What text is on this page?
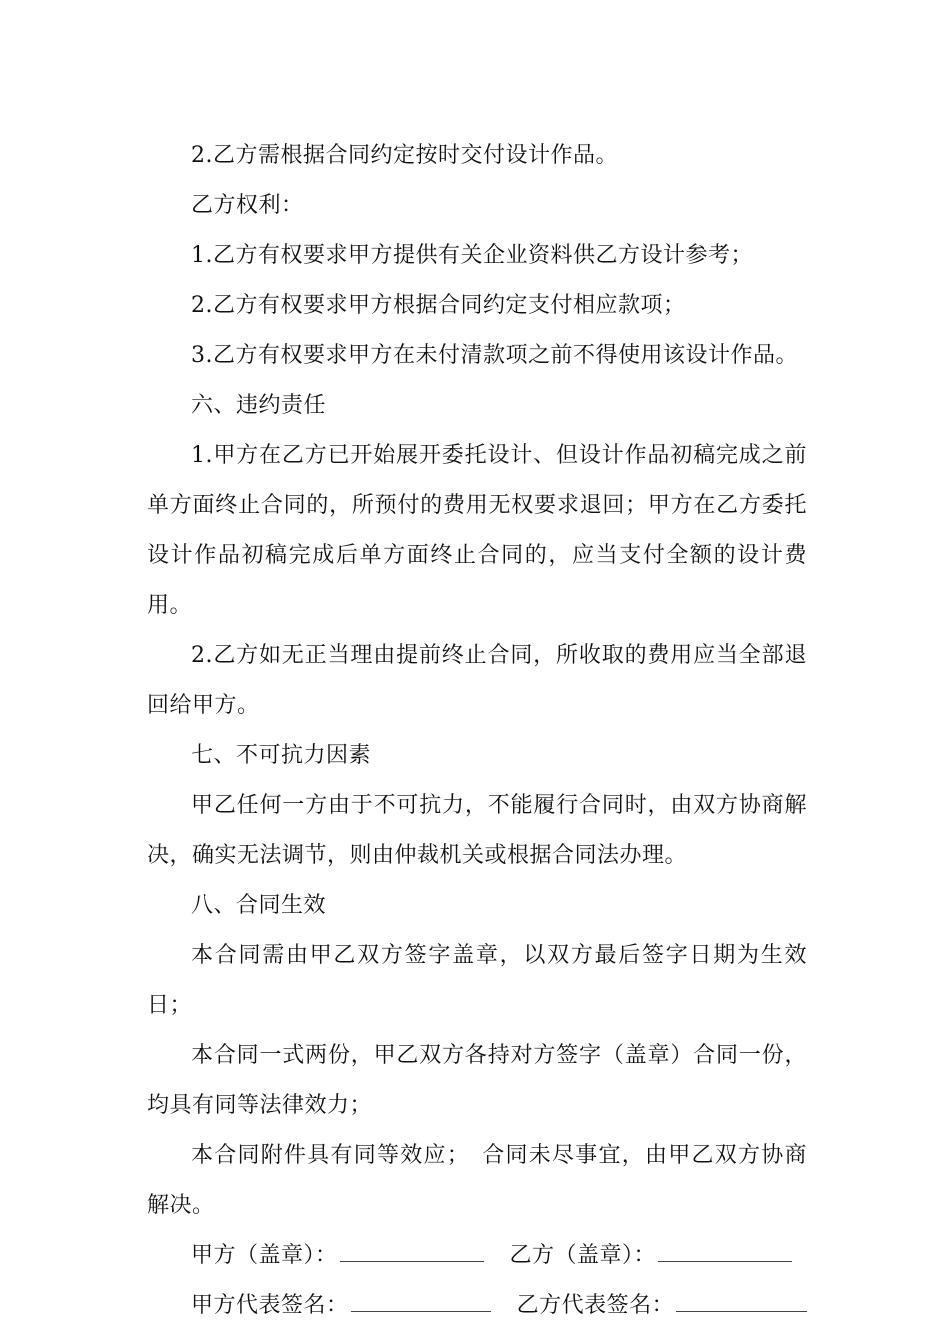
2.乙方需根据合同约定按时交付设计作品。

乙方权利：

1.乙方有权要求甲方提供有关企业资料供乙方设计参考；

2.乙方有权要求甲方根据合同约定支付相应款项；

3.乙方有权要求甲方在未付清款项之前不得使用该设计作品。

六、违约责任

1.甲方在乙方已开始展开委托设计、但设计作品初稿完成之前单方面终止合同的，所预付的费用无权要求退回；甲方在乙方委托设计作品初稿完成后单方面终止合同的，应当支付全额的设计费用。

2.乙方如无正当理由提前终止合同，所收取的费用应当全部退回给甲方。

七、不可抗力因素

甲乙任何一方由于不可抗力，不能履行合同时，由双方协商解决，确实无法调节，则由仲裁机关或根据合同法办理。

八、合同生效

本合同需由甲乙双方签字盖章，以双方最后签字日期为生效日；

本合同一式两份，甲乙双方各持对方签字（盖章）合同一份，均具有同等法律效力；

本合同附件具有同等效应；　合同未尽事宜，由甲乙双方协商解决。

甲方（盖章）：	乙方（盖章）：
甲方代表签名：	乙方代表签名：
